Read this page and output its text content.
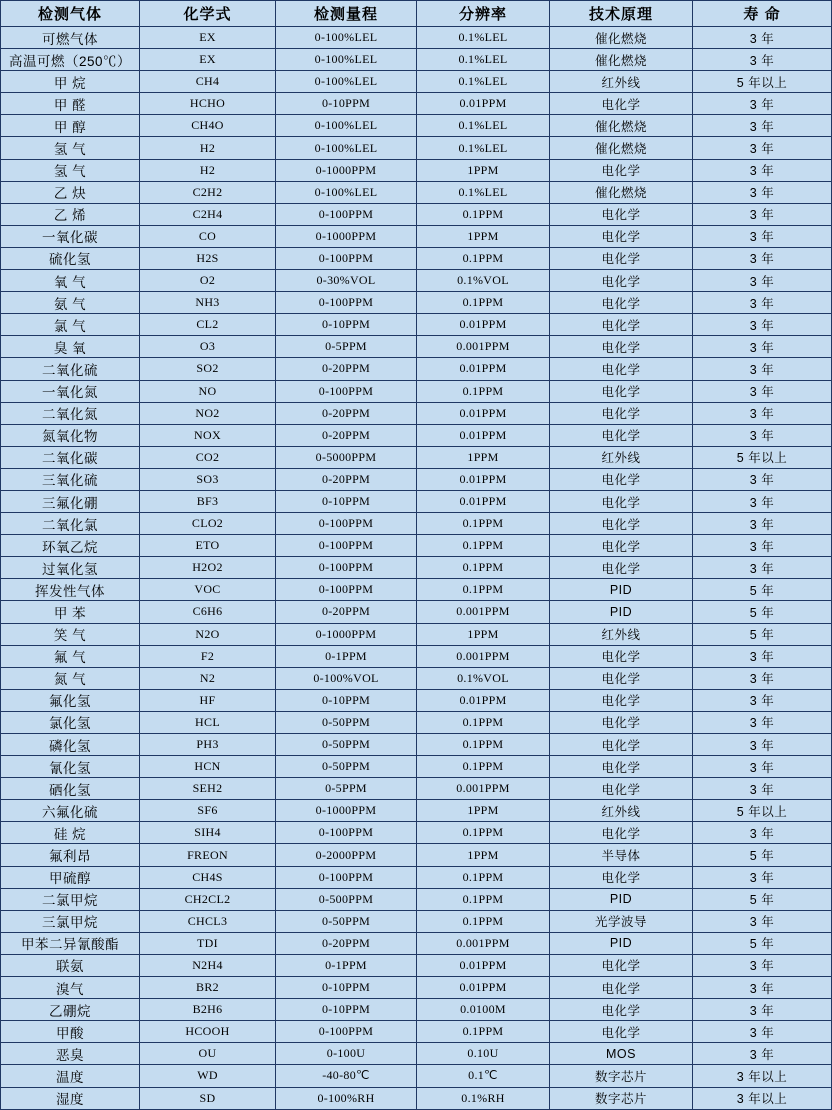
检测气体	化学式	检测量程	分辨率	技术原理	寿 命
可燃气体	EX	0-100%LEL	0.1%LEL	催化燃烧	3 年
高温可燃（250℃）	EX	0-100%LEL	0.1%LEL	催化燃烧	3 年
甲 烷	CH4	0-100%LEL	0.1%LEL	红外线	5 年以上
甲 醛	HCHO	0-10PPM	0.01PPM	电化学	3 年
甲 醇	CH4O	0-100%LEL	0.1%LEL	催化燃烧	3 年
氢 气	H2	0-100%LEL	0.1%LEL	催化燃烧	3 年
氢 气	H2	0-1000PPM	1PPM	电化学	3 年
乙 炔	C2H2	0-100%LEL	0.1%LEL	催化燃烧	3 年
乙 烯	C2H4	0-100PPM	0.1PPM	电化学	3 年
一氧化碳	CO	0-1000PPM	1PPM	电化学	3 年
硫化氢	H2S	0-100PPM	0.1PPM	电化学	3 年
氧 气	O2	0-30%VOL	0.1%VOL	电化学	3 年
氨 气	NH3	0-100PPM	0.1PPM	电化学	3 年
氯 气	CL2	0-10PPM	0.01PPM	电化学	3 年
臭 氧	O3	0-5PPM	0.001PPM	电化学	3 年
二氧化硫	SO2	0-20PPM	0.01PPM	电化学	3 年
一氧化氮	NO	0-100PPM	0.1PPM	电化学	3 年
二氧化氮	NO2	0-20PPM	0.01PPM	电化学	3 年
氮氧化物	NOX	0-20PPM	0.01PPM	电化学	3 年
二氧化碳	CO2	0-5000PPM	1PPM	红外线	5 年以上
三氧化硫	SO3	0-20PPM	0.01PPM	电化学	3 年
三氟化硼	BF3	0-10PPM	0.01PPM	电化学	3 年
二氧化氯	CLO2	0-100PPM	0.1PPM	电化学	3 年
环氧乙烷	ETO	0-100PPM	0.1PPM	电化学	3 年
过氧化氢	H2O2	0-100PPM	0.1PPM	电化学	3 年
挥发性气体	VOC	0-100PPM	0.1PPM	PID	5 年
甲 苯	C6H6	0-20PPM	0.001PPM	PID	5 年
笑 气	N2O	0-1000PPM	1PPM	红外线	5 年
氟 气	F2	0-1PPM	0.001PPM	电化学	3 年
氮 气	N2	0-100%VOL	0.1%VOL	电化学	3 年
氟化氢	HF	0-10PPM	0.01PPM	电化学	3 年
氯化氢	HCL	0-50PPM	0.1PPM	电化学	3 年
磷化氢	PH3	0-50PPM	0.1PPM	电化学	3 年
氰化氢	HCN	0-50PPM	0.1PPM	电化学	3 年
硒化氢	SEH2	0-5PPM	0.001PPM	电化学	3 年
六氟化硫	SF6	0-1000PPM	1PPM	红外线	5 年以上
硅 烷	SIH4	0-100PPM	0.1PPM	电化学	3 年
氟利昂	FREON	0-2000PPM	1PPM	半导体	5 年
甲硫醇	CH4S	0-100PPM	0.1PPM	电化学	3 年
二氯甲烷	CH2CL2	0-500PPM	0.1PPM	PID	5 年
三氯甲烷	CHCL3	0-50PPM	0.1PPM	光学波导	3 年
甲苯二异氰酸酯	TDI	0-20PPM	0.001PPM	PID	5 年
联氨	N2H4	0-1PPM	0.01PPM	电化学	3 年
溴气	BR2	0-10PPM	0.01PPM	电化学	3 年
乙硼烷	B2H6	0-10PPM	0.0100M	电化学	3 年
甲酸	HCOOH	0-100PPM	0.1PPM	电化学	3 年
恶臭	OU	0-100U	0.10U	MOS	3 年
温度	WD	-40-80℃	0.1℃	数字芯片	3 年以上
湿度	SD	0-100%RH	0.1%RH	数字芯片	3 年以上
